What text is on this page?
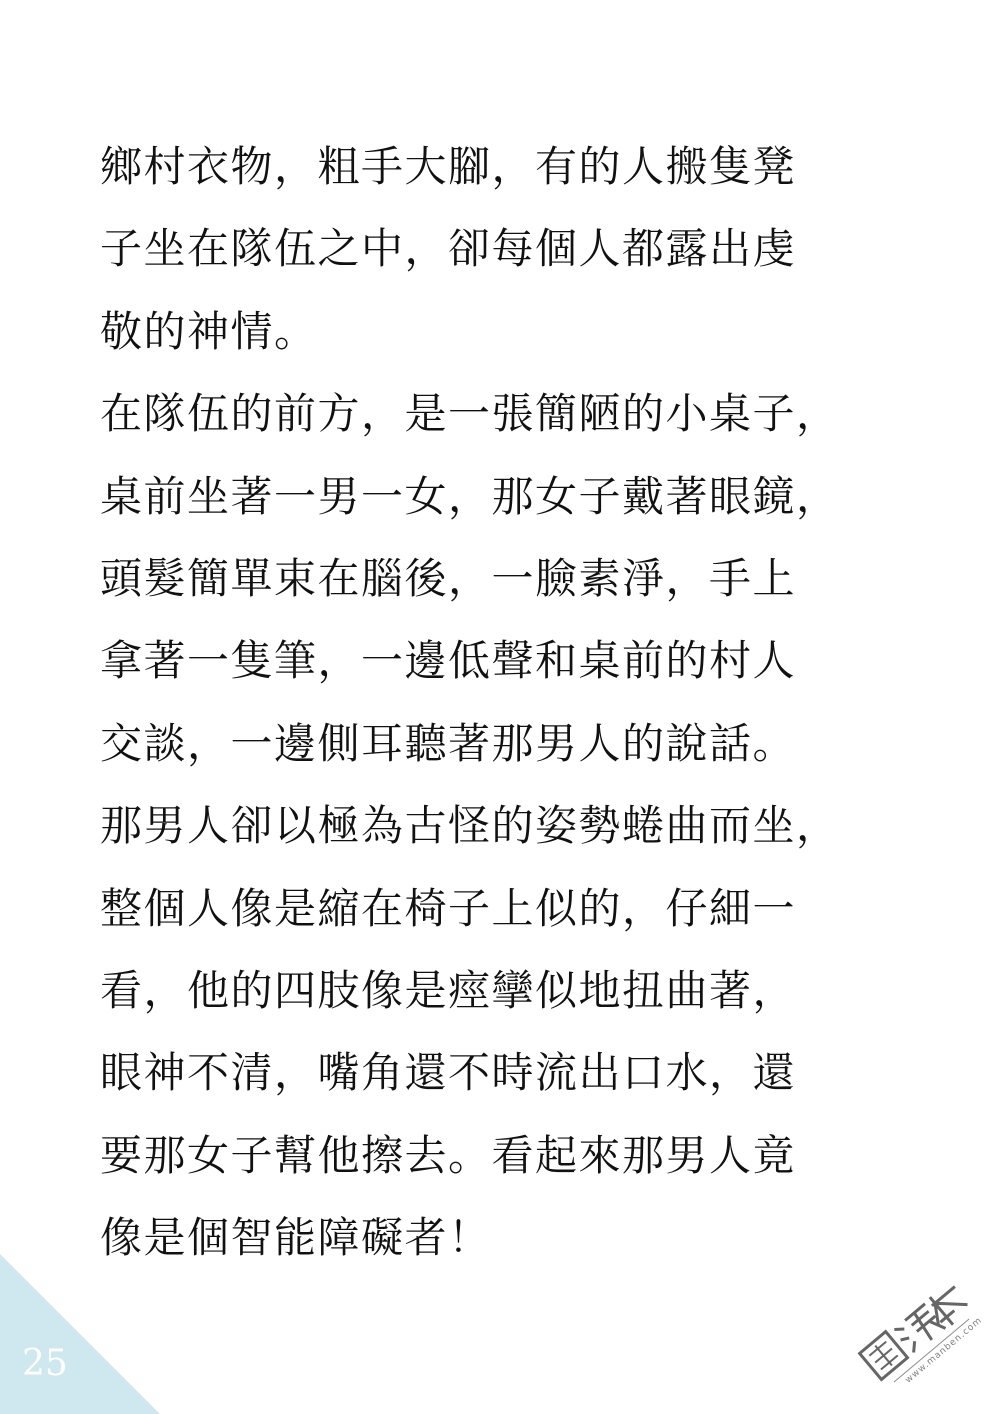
鄉村衣物，粗手大腳，有的人搬隻凳
子坐在隊伍之中，卻每個人都露出虔
敬的神情。
在隊伍的前方，是一張簡陋的小桌子，
桌前坐著一男一女，那女子戴著眼鏡，
頭髮簡單束在腦後，一臉素淨，手上
拿著一隻筆，一邊低聲和桌前的村人
交談，一邊側耳聽著那男人的說話。
那男人卻以極為古怪的姿勢蜷曲而坐，
整個人像是縮在椅子上似的，仔細一
看，他的四肢像是痙攣似地扭曲著，
眼神不清，嘴角還不時流出口水，還
要那女子幫他擦去。看起來那男人竟
像是個智能障礙者！
25	www.manben.com
